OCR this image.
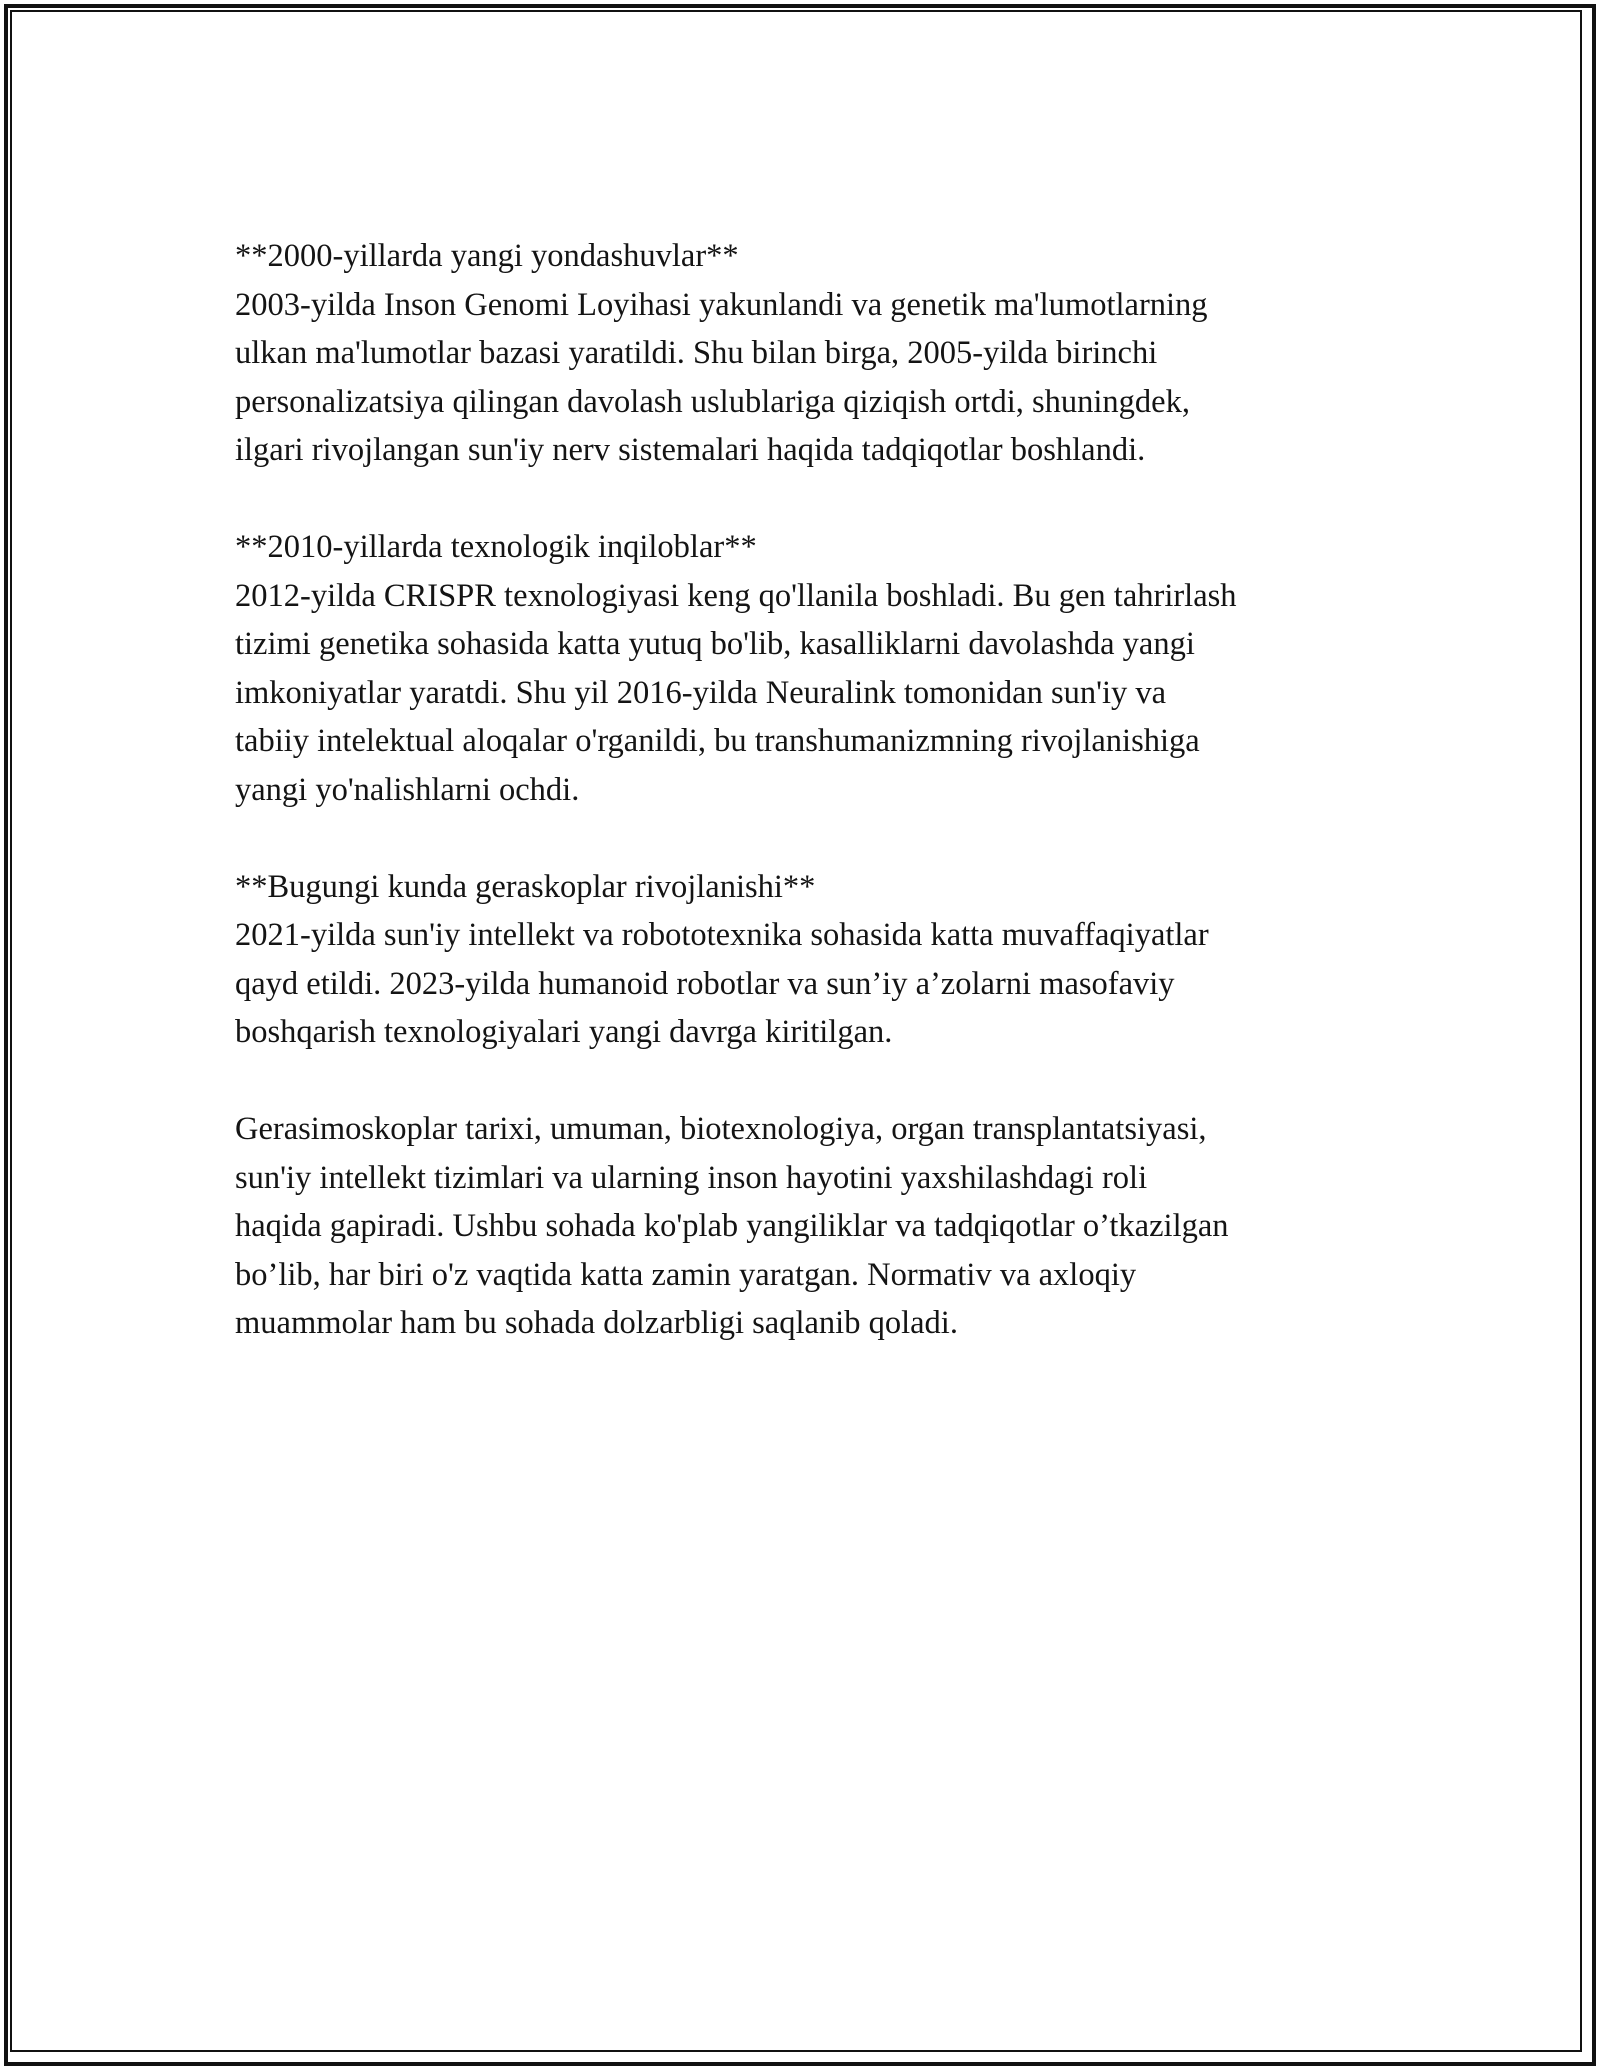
**2000-yillarda yangi yondashuvlar**
2003-yilda Inson Genomi Loyihasi yakunlandi va genetik ma'lumotlarning
ulkan ma'lumotlar bazasi yaratildi. Shu bilan birga, 2005-yilda birinchi
personalizatsiya qilingan davolash uslublariga qiziqish ortdi, shuningdek,
ilgari rivojlangan sun'iy nerv sistemalari haqida tadqiqotlar boshlandi.
**2010-yillarda texnologik inqiloblar**
2012-yilda CRISPR texnologiyasi keng qo'llanila boshladi. Bu gen tahrirlash
tizimi genetika sohasida katta yutuq bo'lib, kasalliklarni davolashda yangi
imkoniyatlar yaratdi. Shu yil 2016-yilda Neuralink tomonidan sun'iy va
tabiiy intelektual aloqalar o'rganildi, bu transhumanizmning rivojlanishiga
yangi yo'nalishlarni ochdi.
**Bugungi kunda geraskoplar rivojlanishi**
2021-yilda sun'iy intellekt va robototexnika sohasida katta muvaffaqiyatlar
qayd etildi. 2023-yilda humanoid robotlar va sun’iy a’zolarni masofaviy
boshqarish texnologiyalari yangi davrga kiritilgan.
Gerasimoskoplar tarixi, umuman, biotexnologiya, organ transplantatsiyasi,
sun'iy intellekt tizimlari va ularning inson hayotini yaxshilashdagi roli
haqida gapiradi. Ushbu sohada ko'plab yangiliklar va tadqiqotlar o’tkazilgan
bo’lib, har biri o'z vaqtida katta zamin yaratgan. Normativ va axloqiy
muammolar ham bu sohada dolzarbligi saqlanib qoladi.
